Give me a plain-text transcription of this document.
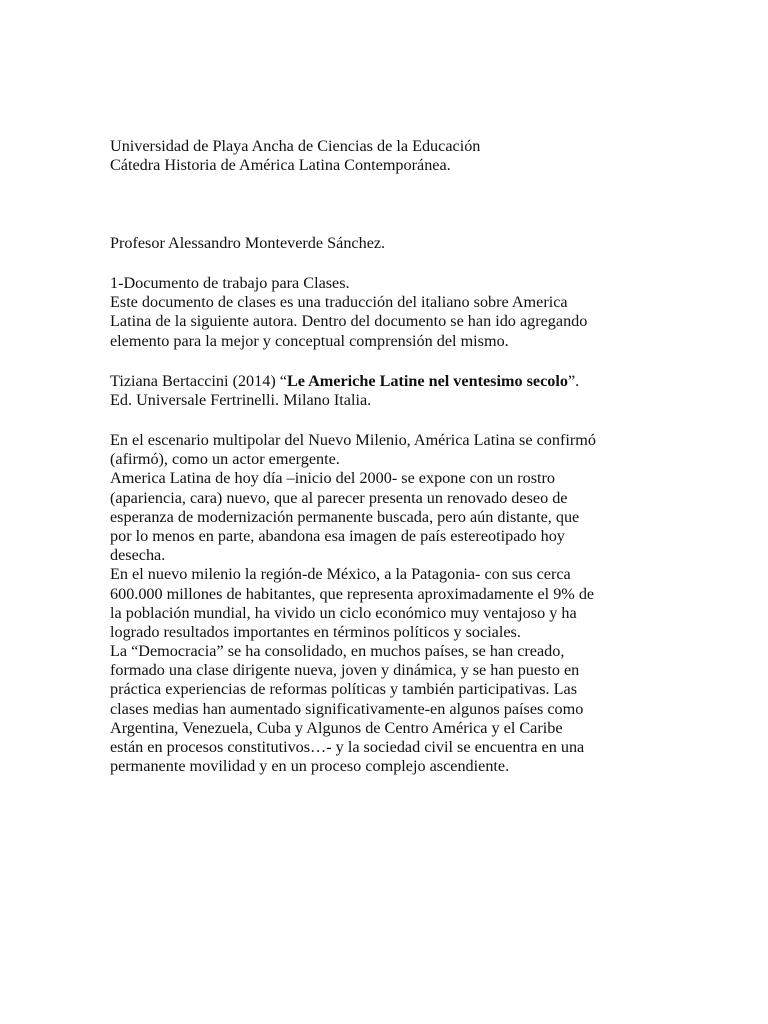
Universidad de Playa Ancha de Ciencias de la Educación
Cátedra Historia de América Latina Contemporánea.
Profesor Alessandro Monteverde Sánchez.
1-Documento de trabajo para Clases.
Este documento de clases es una traducción del italiano sobre America
Latina de la siguiente autora. Dentro del documento se han ido agregando
elemento para la mejor y conceptual comprensión del mismo.
Tiziana Bertaccini (2014) “Le Americhe Latine nel ventesimo secolo”.
Ed. Universale Fertrinelli. Milano Italia.
En el escenario multipolar del Nuevo Milenio, América Latina se confirmó
(afirmó), como un actor emergente.
America Latina de hoy día –inicio del 2000- se expone con un rostro
(apariencia, cara) nuevo, que al parecer presenta un renovado deseo de
esperanza de modernización permanente buscada, pero aún distante, que
por lo menos en parte, abandona esa imagen de país estereotipado hoy
desecha.
En el nuevo milenio la región-de México, a la Patagonia- con sus cerca
600.000 millones de habitantes, que representa aproximadamente el 9% de
la población mundial, ha vivido un ciclo económico muy ventajoso y ha
logrado resultados importantes en términos políticos y sociales.
La “Democracia” se ha consolidado, en muchos países, se han creado,
formado una clase dirigente nueva, joven y dinámica, y se han puesto en
práctica experiencias de reformas políticas y también participativas. Las
clases medias han aumentado significativamente-en algunos países como
Argentina, Venezuela, Cuba y Algunos de Centro América y el Caribe
están en procesos constitutivos…- y la sociedad civil se encuentra en una
permanente movilidad y en un proceso complejo ascendiente.
